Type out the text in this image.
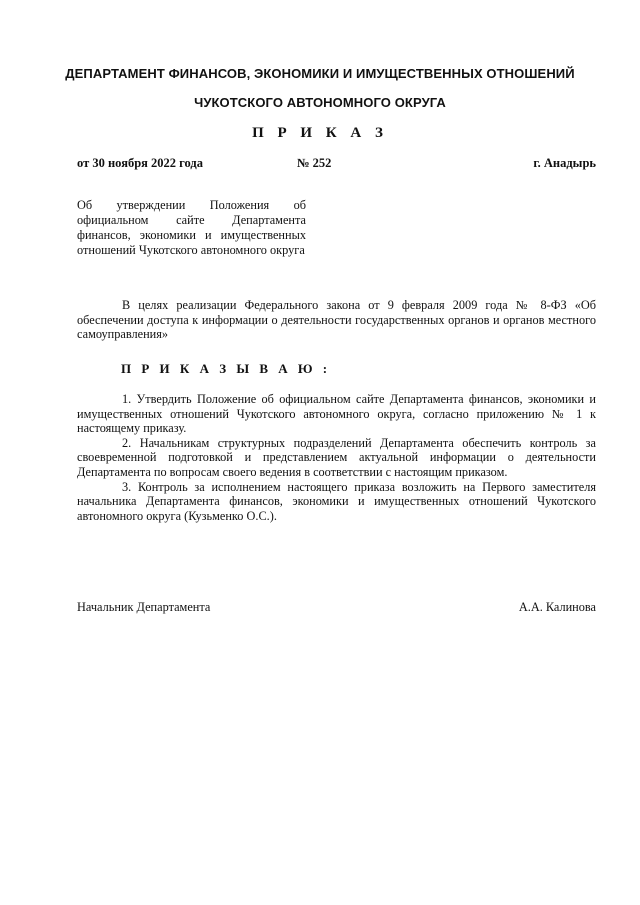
ДЕПАРТАМЕНТ ФИНАНСОВ, ЭКОНОМИКИ И ИМУЩЕСТВЕННЫХ ОТНОШЕНИЙ
ЧУКОТСКОГО АВТОНОМНОГО ОКРУГА
П Р И К А З
от 30 ноября 2022 года	№ 252	г. Анадырь
Об утверждении Положения об официальном сайте Департамента финансов, экономики и имущественных отношений Чукотского автономного округа

В целях реализации Федерального закона от 9 февраля 2009 года № 8-ФЗ «Об обеспечении доступа к информации о деятельности государственных органов и органов местного самоуправления»

П Р И К А З Ы В А Ю :

1. Утвердить Положение об официальном сайте Департамента финансов, экономики и имущественных отношений Чукотского автономного округа, согласно приложению № 1 к настоящему приказу.

2. Начальникам структурных подразделений Департамента обеспечить контроль за своевременной подготовкой и представлением актуальной информации о деятельности Департамента по вопросам своего ведения в соответствии с настоящим приказом.

3. Контроль за исполнением настоящего приказа возложить на Первого заместителя начальника Департамента финансов, экономики и имущественных отношений Чукотского автономного округа (Кузьменко О.С.).

Начальник Департамента	А.А. Калинова
